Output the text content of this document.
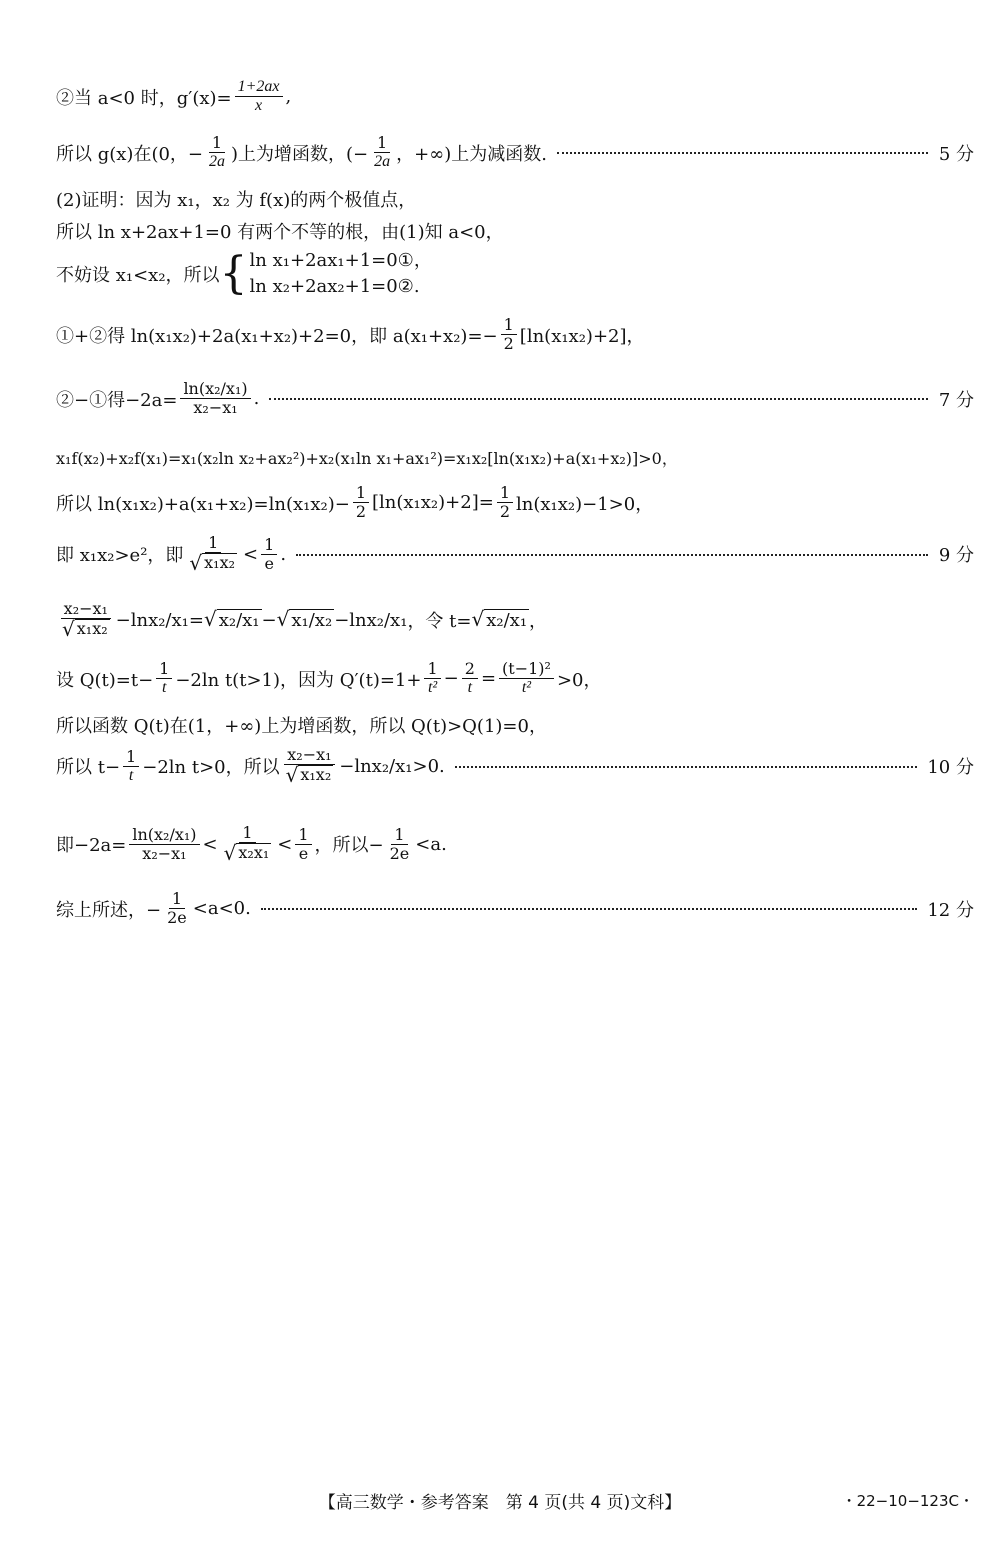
②当 a<0 时，$g'(x)= \frac{1+2ax}{x}$ ,
所以 g(x)在(0，− $\frac{1}{2a}$ )上为增函数，(− $\frac{1}{2a}$ ，+∞)上为减函数.	5 分
(2)证明：因为 x₁，x₂ 为 f(x)的两个极值点，
所以 ln x+2ax+1=0 有两个不等的根，由(1)知 a<0，
不妨设 x₁<x₂，所以 { ln x₁+2ax₁+1=0①，
ln x₂+2ax₂+1=0②.
①+②得 ln(x₁x₂)+2a(x₁+x₂)+2=0，即 $a(x_1+x_2)=- \frac{1}{2} [\ln(x_1x_2)+2]$，
②−①得$-2a= \frac{\text{ln(x₂/x₁)}}{\text{x₂−x₁}}$ .	7 分
x₁f(x₂)+x₂f(x₁)=x₁(x₂ln x₂+ax₂²)+x₂(x₁ln x₁+ax₁²)=x₁x₂[ln(x₁x₂)+a(x₁+x₂)]>0，
所以 $\ln(x_1x_2)+a(x_1+x_2)=\ln(x_1x_2)- \frac{1}{2} [\ln(x_1x_2)+2]= \frac{1}{2} \ln(x_1x_2)-1>0$，
即 x₁x₂>e²，即 $\frac{1}{\text{√ x₁x₂}} < \frac{1}{e}$ .	9 分
$\frac{\text{x₂−x₁}}{\text{√ x₁x₂}} -\ln$ x₂/x₁ = √ x₂/x₁ − √ x₁/x₂ −ln x₂/x₁ ，令 t= √ x₂/x₁ ，
设 $Q(t)=t- \frac{1}{t} -2\ln$ t(t>1)，因为 $Q'(t)=1+ \frac{1}{\text{t²}} - \frac{2}{t} = \frac{\text{(t−1)²}}{\text{t²}} >0$，
所以函数 Q(t)在(1，+∞)上为增函数，所以 Q(t)>Q(1)=0，
所以 $t- \frac{1}{t} -2\ln$ t>0，所以 $\frac{\text{x₂−x₁}}{\text{√ x₁x₂}} -\ln$ x₂/x₁ >0.	10 分
即$-2a= \frac{\text{ln(x₂/x₁)}}{\text{x₂−x₁}} < \frac{1}{\text{√ x₂x₁}} < \frac{1}{e}$ ，所以− $\frac{1}{2e} <a$.
综上所述，− $\frac{1}{2e} <a<0$.	12 分
【高三数学・参考答案　第 4 页(共 4 页)文科】	・22−10−123C・
